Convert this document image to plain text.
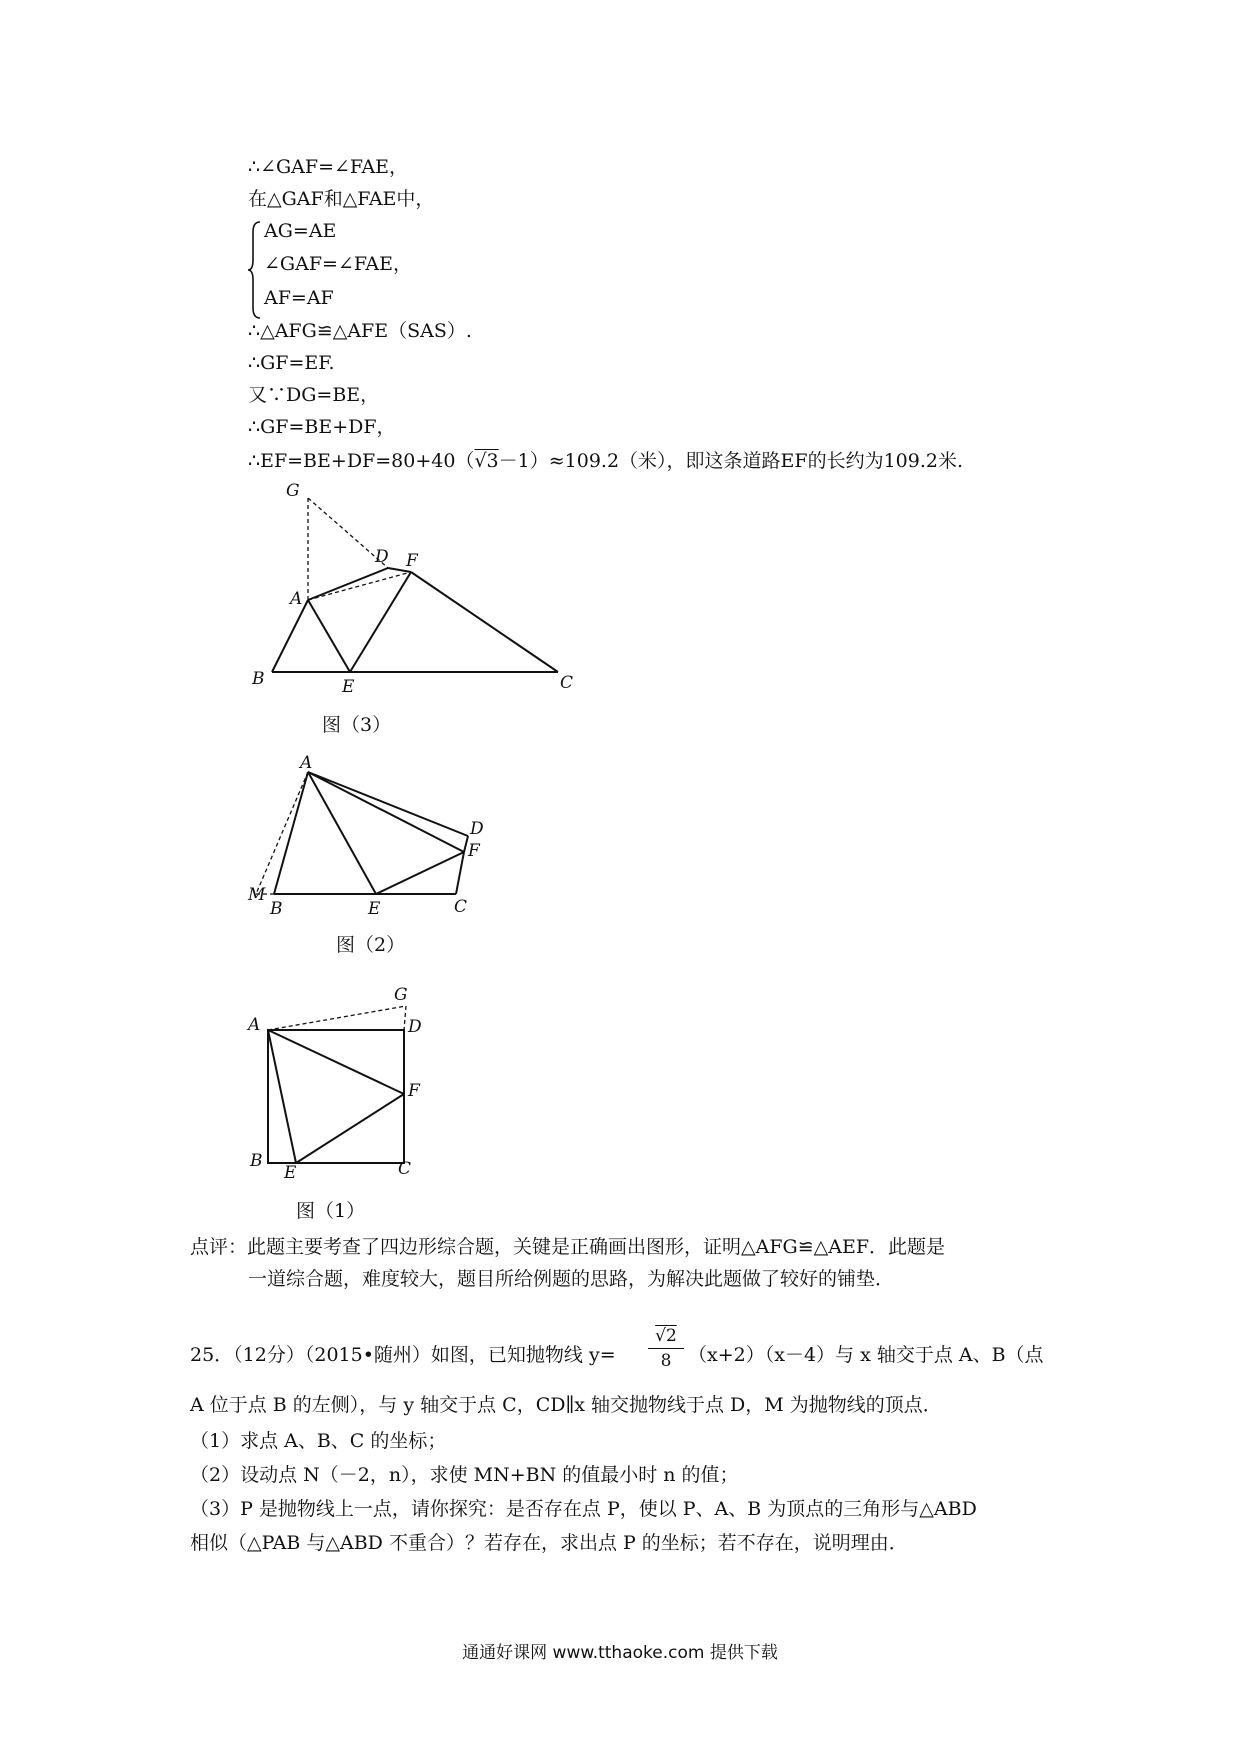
∴∠GAF=∠FAE，
在△GAF和△FAE中，
AG=AE
∠GAF=∠FAE，
AF=AF
∴△AFG≌△AFE（SAS）.
∴GF=EF.
又∵DG=BE，
∴GF=BE+DF，
∴EF=BE+DF=80+40（√3－1）≈109.2（米），即这条道路EF的长约为109.2米.
G
D F
A
B	E	C
图（3）
A
D
F
M
B	E	C
图（2）
G
A	D
F
B
E	C
图（1）
点评：此题主要考查了四边形综合题，关键是正确画出图形，证明△AFG≌△AEF．此题是
一道综合题，难度较大，题目所给例题的思路，为解决此题做了较好的铺垫．
25．（12分）（2015•随州）如图，已知抛物线 $y= \frac{√2}{8} (x+2)(x-4)$与 x 轴交于点 A、B（点
A 位于点 B 的左侧），与 y 轴交于点 C，CD∥x 轴交抛物线于点 D，M 为抛物线的顶点．
（1）求点 A、B、C 的坐标；
（2）设动点 N（－2，n），求使 MN+BN 的值最小时 n 的值；
（3）P 是抛物线上一点，请你探究：是否存在点 P，使以 P、A、B 为顶点的三角形与△ABD
相似（△PAB 与△ABD 不重合）？若存在，求出点 P 的坐标；若不存在，说明理由．
通通好课网 www.tthaoke.com 提供下载
